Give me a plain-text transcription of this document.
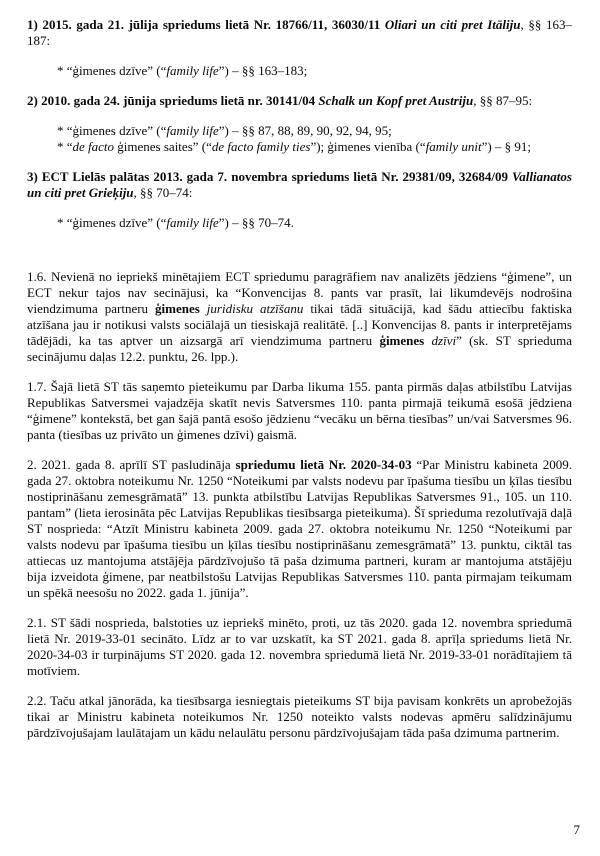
1) 2015. gada 21. jūlija spriedums lietā Nr. 18766/11, 36030/11 Oliari un citi pret Itāliju, §§ 163–187:

* “ģimenes dzīve” (“family life”) – §§ 163–183;

2) 2010. gada 24. jūnija spriedums lietā nr. 30141/04 Schalk un Kopf pret Austriju, §§ 87–95:

* “ģimenes dzīve” (“family life”) – §§ 87, 88, 89, 90, 92, 94, 95;

* “de facto ģimenes saites” (“de facto family ties”); ģimenes vienība (“family unit”) – § 91;

3) ECT Lielās palātas 2013. gada 7. novembra spriedums lietā Nr. 29381/09, 32684/09 Vallianatos un citi pret Grieķiju, §§ 70–74:

* “ģimenes dzīve” (“family life”) – §§ 70–74.

1.6. Nevienā no iepriekš minētajiem ECT spriedumu paragrāfiem nav analizēts jēdziens “ģimene”, un ECT nekur tajos nav secinājusi, ka “Konvencijas 8. pants var prasīt, lai likumdevējs nodrošina viendzimuma partneru ģimenes juridisku atzīšanu tikai tādā situācijā, kad šādu attiecību faktiska atzīšana jau ir notikusi valsts sociālajā un tiesiskajā realitātē. [..] Konvencijas 8. pants ir interpretējams tādējādi, ka tas aptver un aizsargā arī viendzimuma partneru ģimenes dzīvi” (sk. ST sprieduma secinājumu daļas 12.2. punktu, 26. lpp.).

1.7. Šajā lietā ST tās saņemto pieteikumu par Darba likuma 155. panta pirmās daļas atbilstību Latvijas Republikas Satversmei vajadzēja skatīt nevis Satversmes 110. panta pirmajā teikumā esošā jēdziena “ģimene” kontekstā, bet gan šajā pantā esošo jēdzienu “vecāku un bērna tiesības” un/vai Satversmes 96. panta (tiesības uz privāto un ģimenes dzīvi) gaismā.

2. 2021. gada 8. aprīlī ST pasludināja spriedumu lietā Nr. 2020-34-03 “Par Ministru kabineta 2009. gada 27. oktobra noteikumu Nr. 1250 “Noteikumi par valsts nodevu par īpašuma tiesību un ķīlas tiesību nostiprināšanu zemesgrāmatā” 13. punkta atbilstību Latvijas Republikas Satversmes 91., 105. un 110. pantam” (lieta ierosināta pēc Latvijas Republikas tiesībsarga pieteikuma). Šī sprieduma rezolutīvajā daļā ST nosprieda: “Atzīt Ministru kabineta 2009. gada 27. oktobra noteikumu Nr. 1250 “Noteikumi par valsts nodevu par īpašuma tiesību un ķīlas tiesību nostiprināšanu zemesgrāmatā” 13. punktu, ciktāl tas attiecas uz mantojuma atstājēja pārdzīvojušo tā paša dzimuma partneri, kuram ar mantojuma atstājēju bija izveidota ģimene, par neatbilstošu Latvijas Republikas Satversmes 110. panta pirmajam teikumam un spēkā neesošu no 2022. gada 1. jūnija”.

2.1. ST šādi nosprieda, balstoties uz iepriekš minēto, proti, uz tās 2020. gada 12. novembra spriedumā lietā Nr. 2019-33-01 secināto. Līdz ar to var uzskatīt, ka ST 2021. gada 8. aprīļa spriedums lietā Nr. 2020-34-03 ir turpinājums ST 2020. gada 12. novembra spriedumā lietā Nr. 2019-33-01 norādītajiem tā motīviem.

2.2. Taču atkal jānorāda, ka tiesībsarga iesniegtais pieteikums ST bija pavisam konkrēts un aprobežojās tikai ar Ministru kabineta noteikumos Nr. 1250 noteikto valsts nodevas apmēru salīdzinājumu pārdzīvojušajam laulātajam un kādu nelaulātu personu pārdzīvojušajam tāda paša dzimuma partnerim.

7
